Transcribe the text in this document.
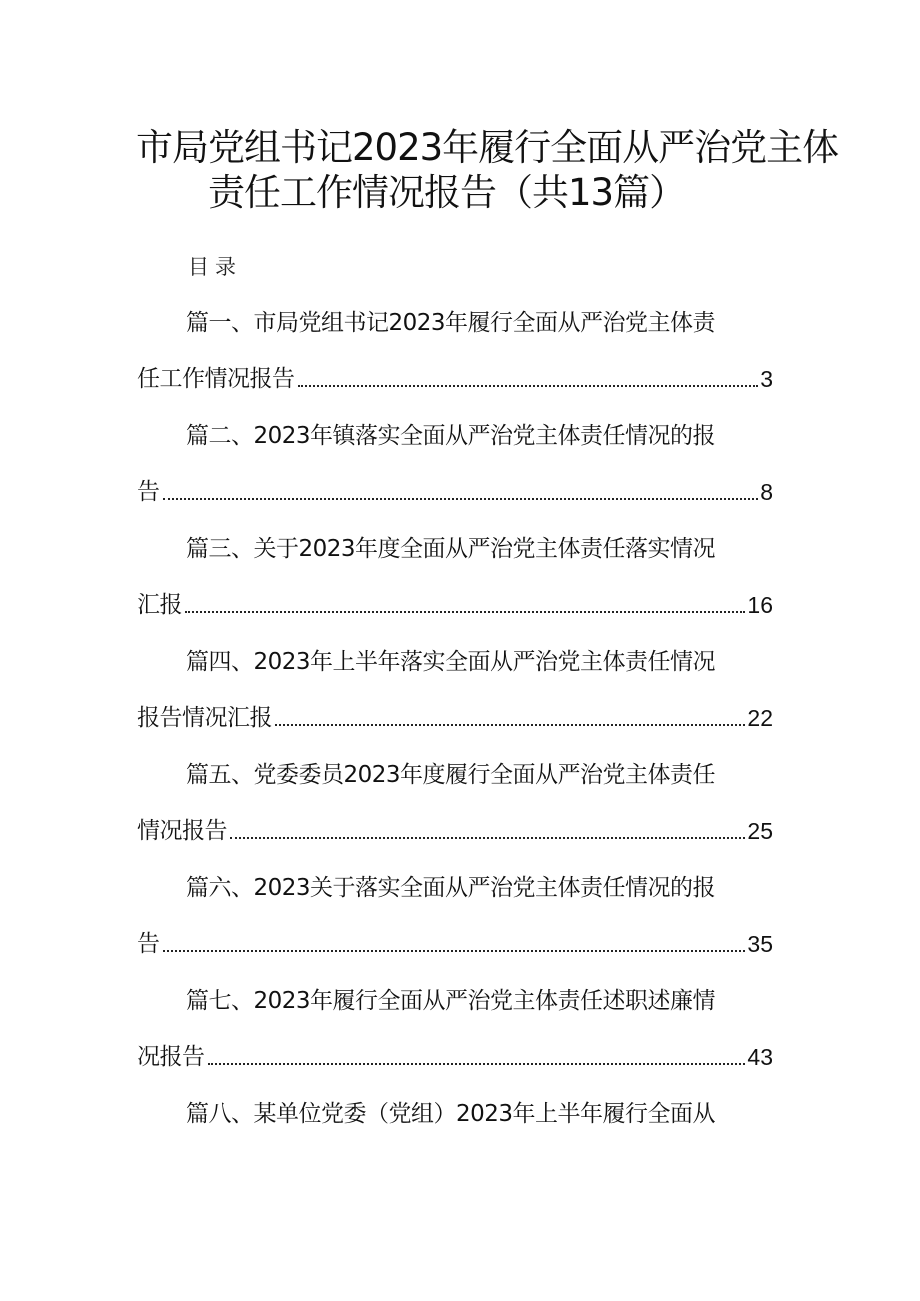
市局党组书记2023年履行全面从严治党主体
责任工作情况报告（共13篇）
目录
篇一、市局党组书记2023年履行全面从严治党主体责
任工作情况报告	3
篇二、2023年镇落实全面从严治党主体责任情况的报
告	8
篇三、关于2023年度全面从严治党主体责任落实情况
汇报	16
篇四、2023年上半年落实全面从严治党主体责任情况
报告情况汇报	22
篇五、党委委员2023年度履行全面从严治党主体责任
情况报告	25
篇六、2023关于落实全面从严治党主体责任情况的报
告	35
篇七、2023年履行全面从严治党主体责任述职述廉情
况报告	43
篇八、某单位党委（党组）2023年上半年履行全面从
